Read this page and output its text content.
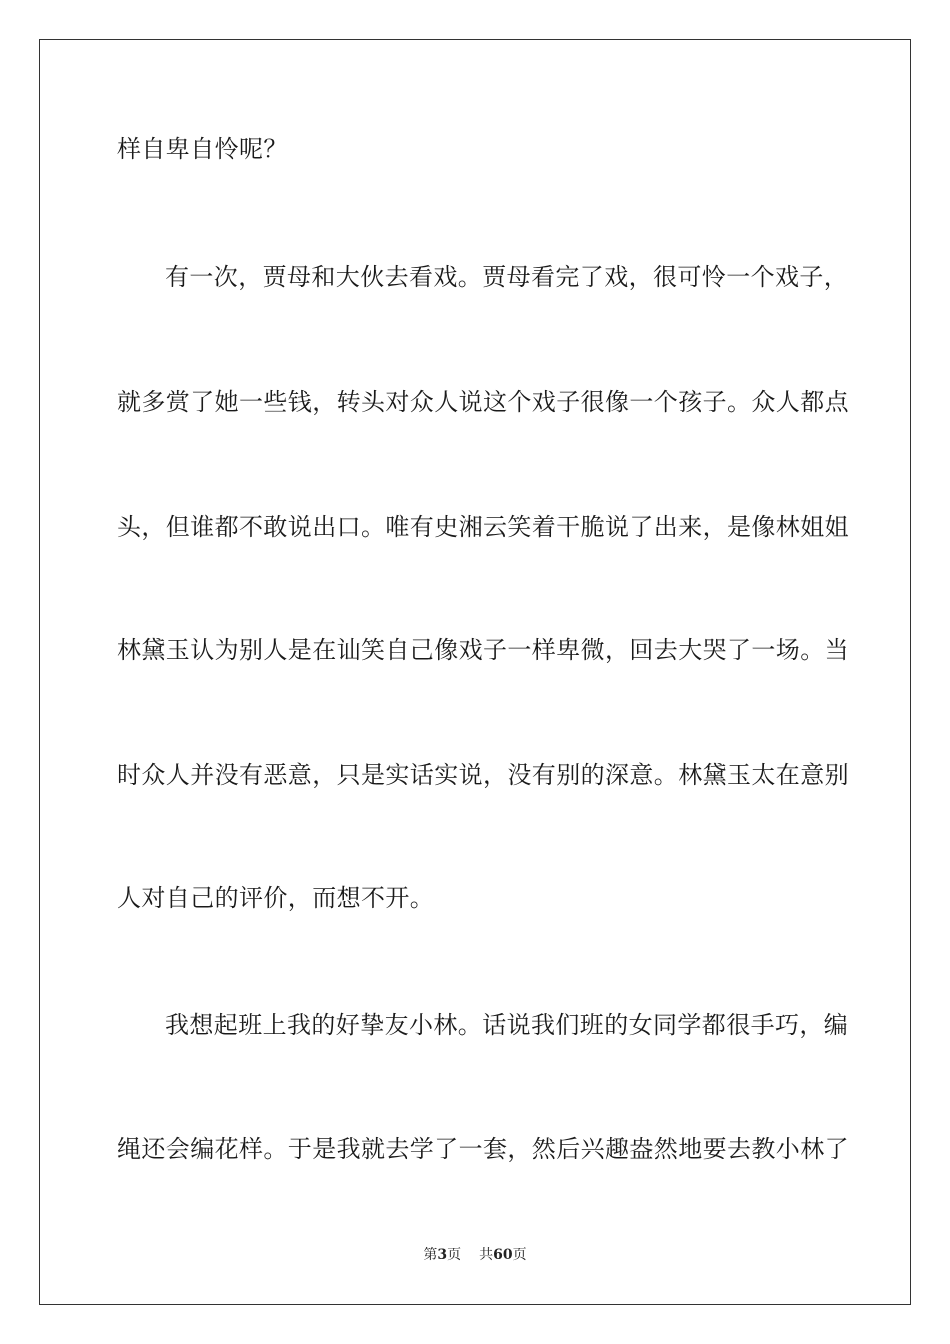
样自卑自怜呢？
有一次，贾母和大伙去看戏。贾母看完了戏，很可怜一个戏子，
就多赏了她一些钱，转头对众人说这个戏子很像一个孩子。众人都点
头，但谁都不敢说出口。唯有史湘云笑着干脆说了出来，是像林姐姐
林黛玉认为别人是在讪笑自己像戏子一样卑微，回去大哭了一场。当
时众人并没有恶意，只是实话实说，没有别的深意。林黛玉太在意别
人对自己的评价，而想不开。
我想起班上我的好挚友小林。话说我们班的女同学都很手巧，编
绳还会编花样。于是我就去学了一套，然后兴趣盎然地要去教小林了
第3页 共60页
